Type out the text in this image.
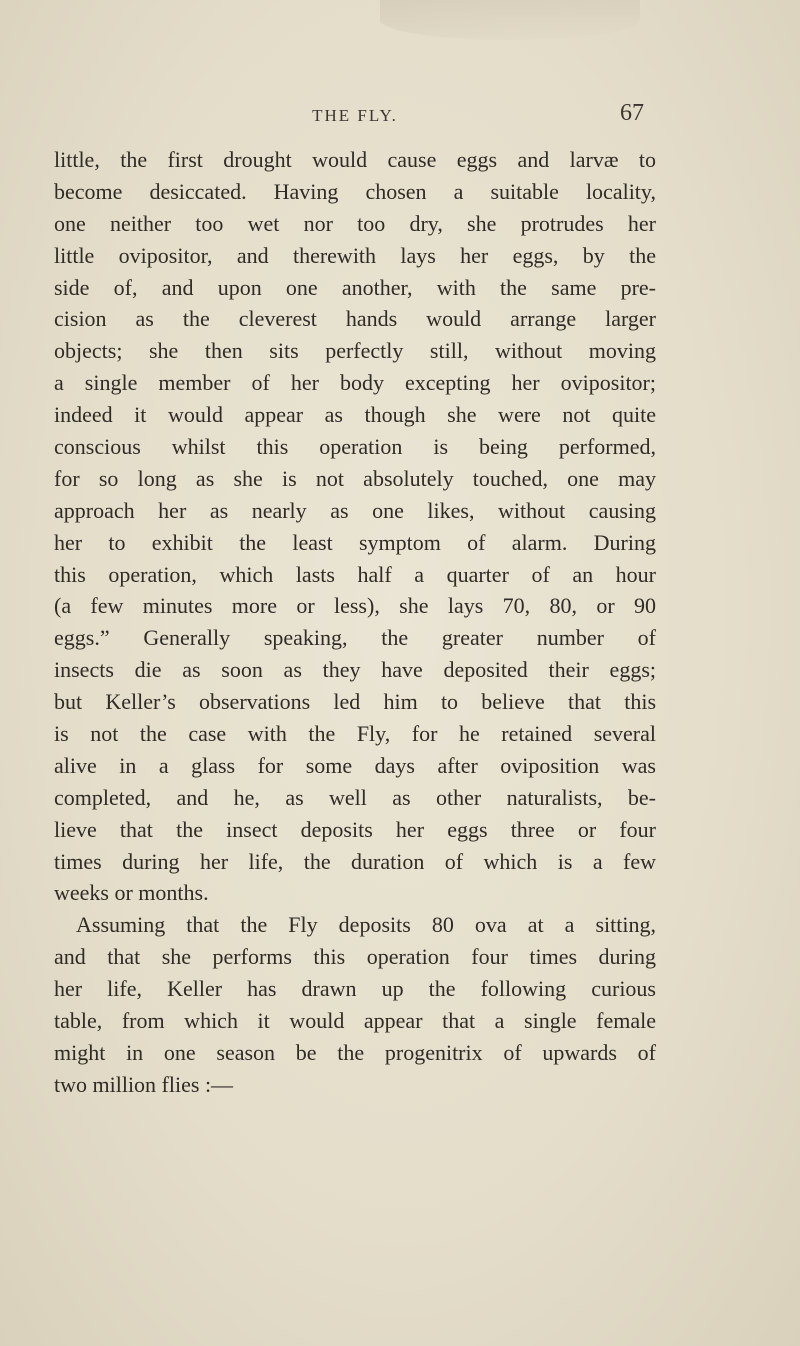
THE FLY.	67
little, the first drought would cause eggs and larvæ to
become desiccated. Having chosen a suitable locality,
one neither too wet nor too dry, she protrudes her
little ovipositor, and therewith lays her eggs, by the
side of, and upon one another, with the same pre-
cision as the cleverest hands would arrange larger
objects; she then sits perfectly still, without moving
a single member of her body excepting her ovipositor;
indeed it would appear as though she were not quite
conscious whilst this operation is being performed,
for so long as she is not absolutely touched, one may
approach her as nearly as one likes, without causing
her to exhibit the least symptom of alarm. During
this operation, which lasts half a quarter of an hour
(a few minutes more or less), she lays 70, 80, or 90
eggs.” Generally speaking, the greater number of
insects die as soon as they have deposited their eggs;
but Keller’s observations led him to believe that this
is not the case with the Fly, for he retained several
alive in a glass for some days after oviposition was
completed, and he, as well as other naturalists, be-
lieve that the insect deposits her eggs three or four
times during her life, the duration of which is a few
weeks or months.
Assuming that the Fly deposits 80 ova at a sitting,
and that she performs this operation four times during
her life, Keller has drawn up the following curious
table, from which it would appear that a single female
might in one season be the progenitrix of upwards of
two million flies :—
